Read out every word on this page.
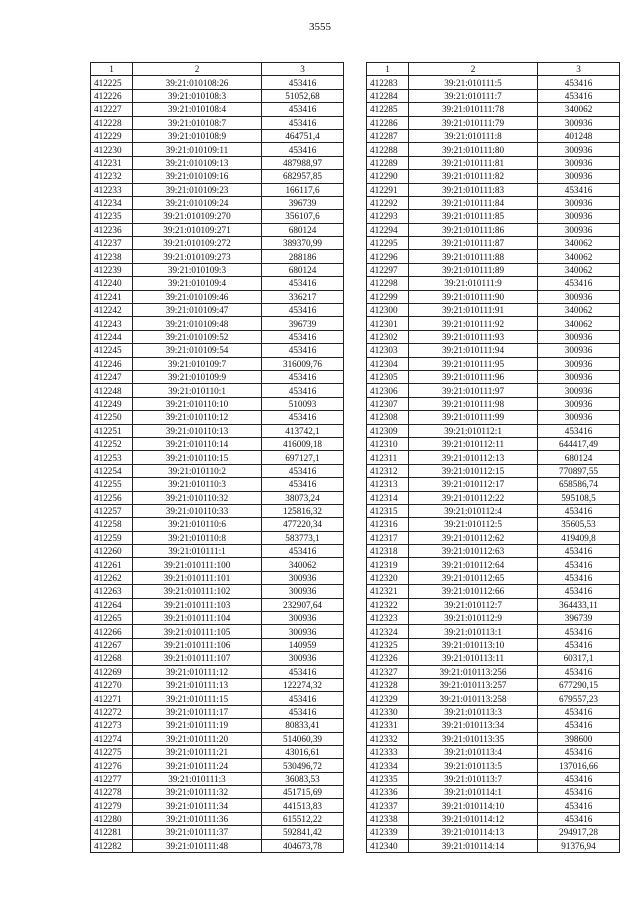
3555
1	2	3
412225	39:21:010108:26	453416
412226	39:21:010108:3	51052,68
412227	39:21:010108:4	453416
412228	39:21:010108:7	453416
412229	39:21:010108:9	464751,4
412230	39:21:010109:11	453416
412231	39:21:010109:13	487988,97
412232	39:21:010109:16	682957,85
412233	39:21:010109:23	166117,6
412234	39:21:010109:24	396739
412235	39:21:010109:270	356107,6
412236	39:21:010109:271	680124
412237	39:21:010109:272	389370,99
412238	39:21:010109:273	288186
412239	39:21:010109:3	680124
412240	39:21:010109:4	453416
412241	39:21:010109:46	336217
412242	39:21:010109:47	453416
412243	39:21:010109:48	396739
412244	39:21:010109:52	453416
412245	39:21:010109:54	453416
412246	39:21:010109:7	316009,76
412247	39:21:010109:9	453416
412248	39:21:010110:1	453416
412249	39:21:010110:10	510093
412250	39:21:010110:12	453416
412251	39:21:010110:13	413742,1
412252	39:21:010110:14	416009,18
412253	39:21:010110:15	697127,1
412254	39:21:010110:2	453416
412255	39:21:010110:3	453416
412256	39:21:010110:32	38073,24
412257	39:21:010110:33	125816,32
412258	39:21:010110:6	477220,34
412259	39:21:010110:8	583773,1
412260	39:21:010111:1	453416
412261	39:21:010111:100	340062
412262	39:21:010111:101	300936
412263	39:21:010111:102	300936
412264	39:21:010111:103	232907,64
412265	39:21:010111:104	300936
412266	39:21:010111:105	300936
412267	39:21:010111:106	140959
412268	39:21:010111:107	300936
412269	39:21:010111:12	453416
412270	39:21:010111:13	122274,32
412271	39:21:010111:15	453416
412272	39:21:010111:17	453416
412273	39:21:010111:19	80833,41
412274	39:21:010111:20	514060,39
412275	39:21:010111:21	43016,61
412276	39:21:010111:24	530496,72
412277	39:21:010111:3	36083,53
412278	39:21:010111:32	451715,69
412279	39:21:010111:34	441513,83
412280	39:21:010111:36	615512,22
412281	39:21:010111:37	592841,42
412282	39:21:010111:48	404673,78
1	2	3
412283	39:21:010111:5	453416
412284	39:21:010111:7	453416
412285	39:21:010111:78	340062
412286	39:21:010111:79	300936
412287	39:21:010111:8	401248
412288	39:21:010111:80	300936
412289	39:21:010111:81	300936
412290	39:21:010111:82	300936
412291	39:21:010111:83	453416
412292	39:21:010111:84	300936
412293	39:21:010111:85	300936
412294	39:21:010111:86	300936
412295	39:21:010111:87	340062
412296	39:21:010111:88	340062
412297	39:21:010111:89	340062
412298	39:21:010111:9	453416
412299	39:21:010111:90	300936
412300	39:21:010111:91	340062
412301	39:21:010111:92	340062
412302	39:21:010111:93	300936
412303	39:21:010111:94	300936
412304	39:21:010111:95	300936
412305	39:21:010111:96	300936
412306	39:21:010111:97	300936
412307	39:21:010111:98	300936
412308	39:21:010111:99	300936
412309	39:21:010112:1	453416
412310	39:21:010112:11	644417,49
412311	39:21:010112:13	680124
412312	39:21:010112:15	770897,55
412313	39:21:010112:17	658586,74
412314	39:21:010112:22	595108,5
412315	39:21:010112:4	453416
412316	39:21:010112:5	35605,53
412317	39:21:010112:62	419409,8
412318	39:21:010112:63	453416
412319	39:21:010112:64	453416
412320	39:21:010112:65	453416
412321	39:21:010112:66	453416
412322	39:21:010112:7	364433,11
412323	39:21:010112:9	396739
412324	39:21:010113:1	453416
412325	39:21:010113:10	453416
412326	39:21:010113:11	60317,1
412327	39:21:010113:256	453416
412328	39:21:010113:257	677290,15
412329	39:21:010113:258	679557,23
412330	39:21:010113:3	453416
412331	39:21:010113:34	453416
412332	39:21:010113:35	398600
412333	39:21:010113:4	453416
412334	39:21:010113:5	137016,66
412335	39:21:010113:7	453416
412336	39:21:010114:1	453416
412337	39:21:010114:10	453416
412338	39:21:010114:12	453416
412339	39:21:010114:13	294917,28
412340	39:21:010114:14	91376,94
